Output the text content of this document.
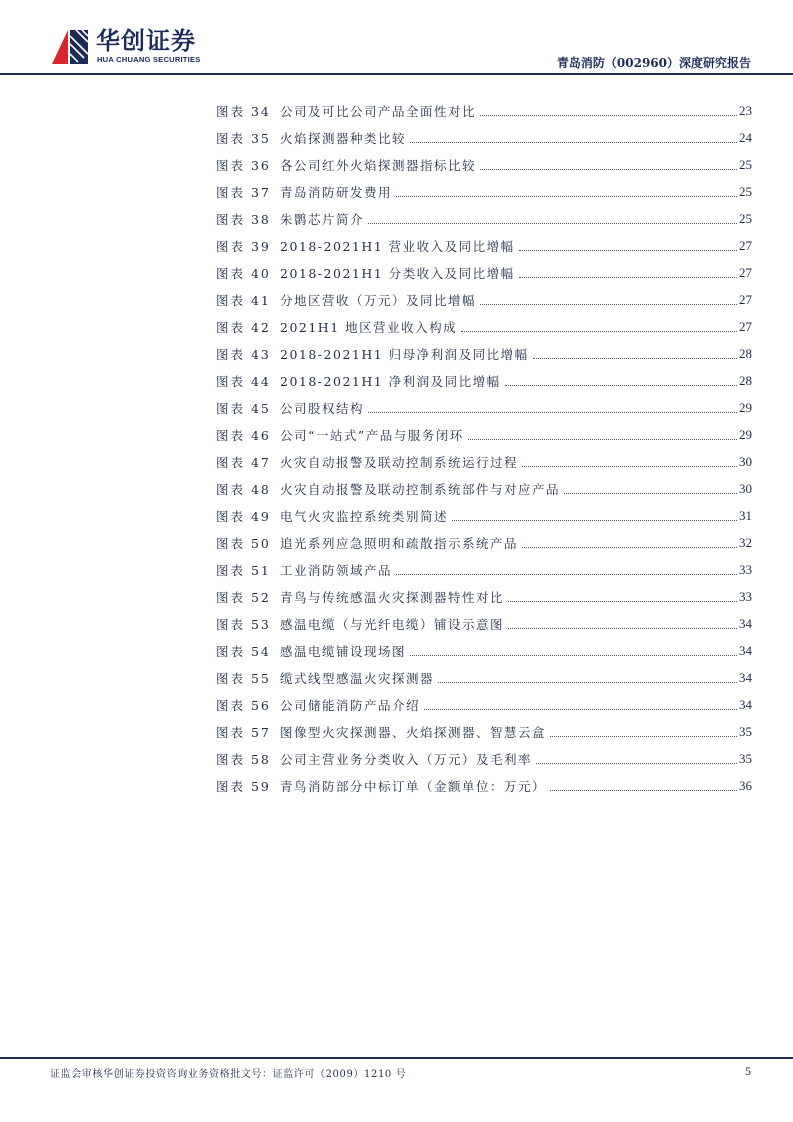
华创证券
HUA CHUANG SECURITIES	青岛消防（002960）深度研究报告
图表 34 公司及可比公司产品全面性对比	23
图表 35 火焰探测器种类比较	24
图表 36 各公司红外火焰探测器指标比较	25
图表 37 青岛消防研发费用	25
图表 38 朱鹮芯片简介	25
图表 39 2018-2021H1 营业收入及同比增幅	27
图表 40 2018-2021H1 分类收入及同比增幅	27
图表 41 分地区营收（万元）及同比增幅	27
图表 42 2021H1 地区营业收入构成	27
图表 43 2018-2021H1 归母净利润及同比增幅	28
图表 44 2018-2021H1 净利润及同比增幅	28
图表 45 公司股权结构	29
图表 46 公司“一站式”产品与服务闭环	29
图表 47 火灾自动报警及联动控制系统运行过程	30
图表 48 火灾自动报警及联动控制系统部件与对应产品	30
图表 49 电气火灾监控系统类别简述	31
图表 50 追光系列应急照明和疏散指示系统产品	32
图表 51 工业消防领域产品	33
图表 52 青鸟与传统感温火灾探测器特性对比	33
图表 53 感温电缆（与光纤电缆）铺设示意图	34
图表 54 感温电缆铺设现场图	34
图表 55 缆式线型感温火灾探测器	34
图表 56 公司储能消防产品介绍	34
图表 57 图像型火灾探测器、火焰探测器、智慧云盒	35
图表 58 公司主营业务分类收入（万元）及毛利率	35
图表 59 青鸟消防部分中标订单（金额单位：万元）	36
证监会审核华创证券投资咨询业务资格批文号：证监许可（2009）1210 号	5
